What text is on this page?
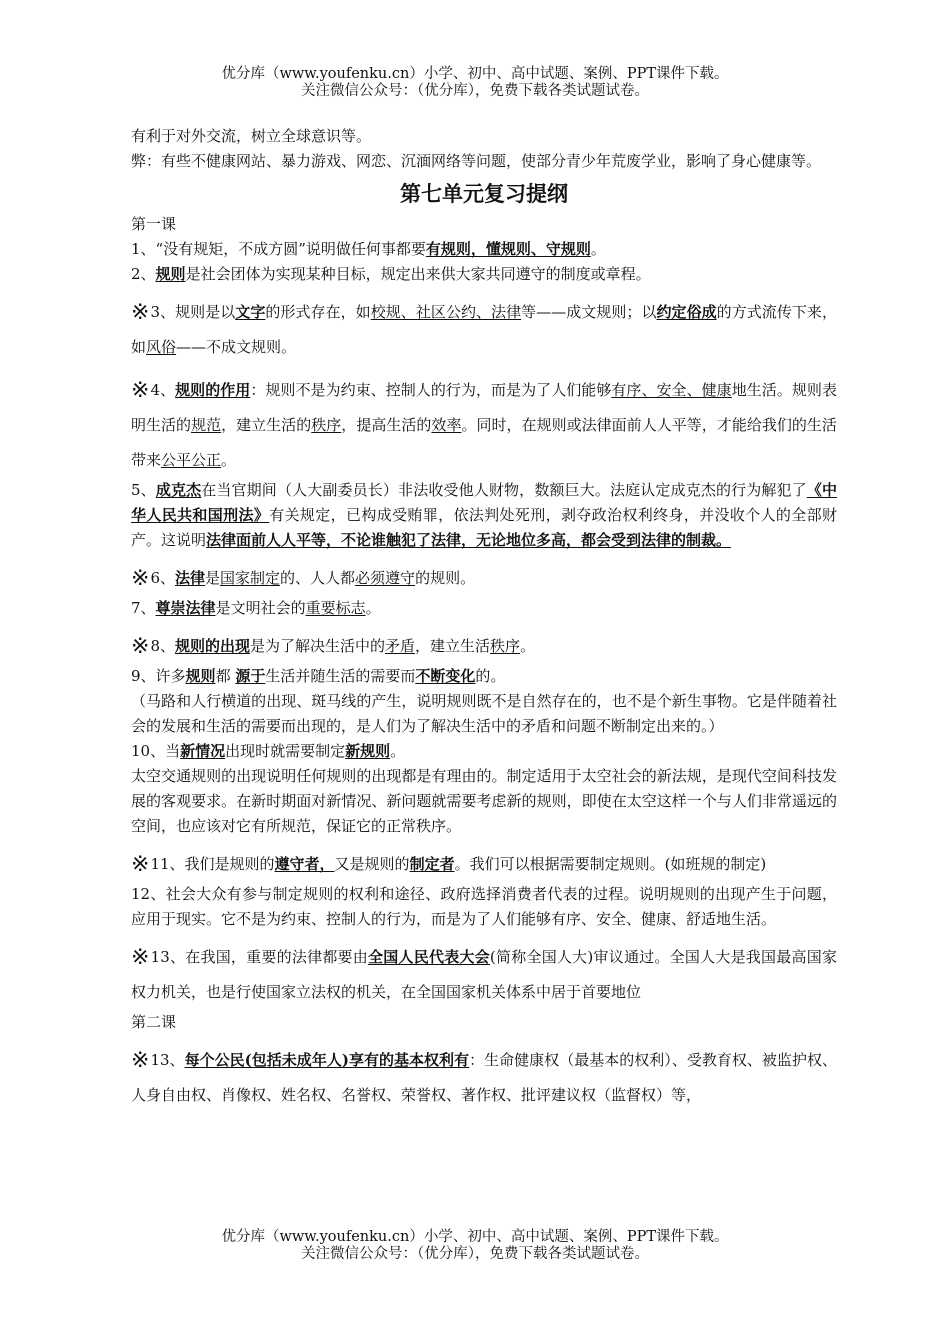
优分库（www.youfenku.cn）小学、初中、高中试题、案例、PPT课件下载。
关注微信公众号：（优分库），免费下载各类试题试卷。

有利于对外交流，树立全球意识等。

弊：有些不健康网站、暴力游戏、网恋、沉湎网络等问题，使部分青少年荒废学业，影响了身心健康等。

第七单元复习提纲

第一课

1、“没有规矩，不成方圆”说明做任何事都要有规则，懂规则、守规则。

2、规则是社会团体为实现某种目标，规定出来供大家共同遵守的制度或章程。

※3、规则是以文字的形式存在，如校规、社区公约、法律等——成文规则；以约定俗成的方式流传下来，如风俗——不成文规则。

※4、规则的作用：规则不是为约束、控制人的行为，而是为了人们能够有序、安全、健康地生活。规则表明生活的规范，建立生活的秩序，提高生活的效率。同时，在规则或法律面前人人平等，才能给我们的生活带来公平公正。

5、成克杰在当官期间（人大副委员长）非法收受他人财物，数额巨大。法庭认定成克杰的行为解犯了《中华人民共和国刑法》有关规定，已构成受贿罪，依法判处死刑，剥夺政治权利终身，并没收个人的全部财产。这说明法律面前人人平等，不论谁触犯了法律，无论地位多高，都会受到法律的制裁。

※6、法律是国家制定的、人人都必须遵守的规则。

7、尊崇法律是文明社会的重要标志。

※8、规则的出现是为了解决生活中的矛盾，建立生活秩序。

9、许多规则都 源于生活并随生活的需要而不断变化的。

（马路和人行横道的出现、斑马线的产生，说明规则既不是自然存在的，也不是个新生事物。它是伴随着社会的发展和生活的需要而出现的，是人们为了解决生活中的矛盾和问题不断制定出来的。）

10、当新情况出现时就需要制定新规则。

太空交通规则的出现说明任何规则的出现都是有理由的。制定适用于太空社会的新法规，是现代空间科技发展的客观要求。在新时期面对新情况、新问题就需要考虑新的规则，即使在太空这样一个与人们非常遥远的空间，也应该对它有所规范，保证它的正常秩序。

※11、我们是规则的遵守者，又是规则的制定者。我们可以根据需要制定规则。(如班规的制定)

12、社会大众有参与制定规则的权利和途径、政府选择消费者代表的过程。说明规则的出现产生于问题，应用于现实。它不是为约束、控制人的行为，而是为了人们能够有序、安全、健康、舒适地生活。

※13、在我国，重要的法律都要由全国人民代表大会(简称全国人大)审议通过。全国人大是我国最高国家权力机关，也是行使国家立法权的机关，在全国国家机关体系中居于首要地位

第二课

※13、每个公民(包括未成年人)享有的基本权利有：生命健康权（最基本的权利）、受教育权、被监护权、人身自由权、肖像权、姓名权、名誉权、荣誉权、著作权、批评建议权（监督权）等，

优分库（www.youfenku.cn）小学、初中、高中试题、案例、PPT课件下载。
关注微信公众号：（优分库），免费下载各类试题试卷。
